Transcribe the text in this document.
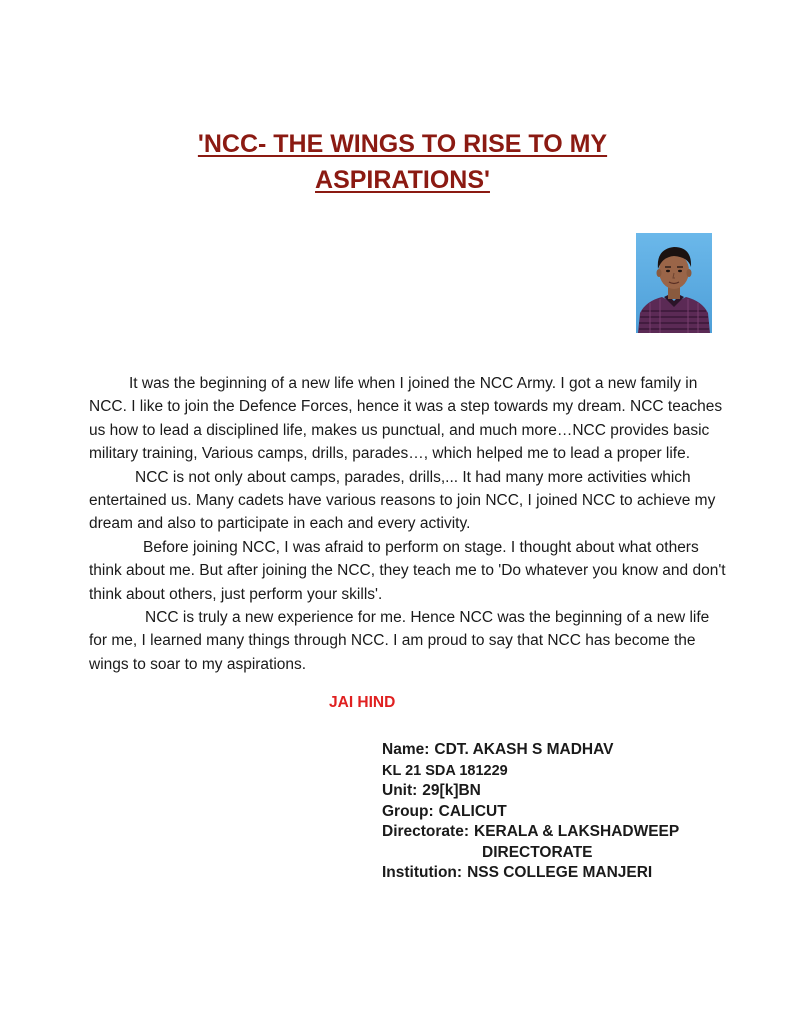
'NCC- THE WINGS TO RISE TO MY
ASPIRATIONS'

It was the beginning of a new life when I joined the NCC Army. I got a new family in NCC. I like to join the Defence Forces, hence it was a step towards my dream. NCC teaches us how to lead a disciplined life, makes us punctual, and much more…NCC provides basic military training, Various camps, drills, parades…, which helped me to lead a proper life.

NCC is not only about camps, parades, drills,... It had many more activities which entertained us. Many cadets have various reasons to join NCC, I joined NCC to achieve my dream and also to participate in each and every activity.

Before joining NCC, I was afraid to perform on stage. I thought about what others think about me. But after joining the NCC, they teach me to 'Do whatever you know and don't think about others, just perform your skills'.

NCC is truly a new experience for me. Hence NCC was the beginning of a new life for me, I learned many things through NCC. I am proud to say that NCC has become the wings to soar to my aspirations.

JAI HIND
Name: CDT. AKASH S MADHAV
KL 21 SDA 181229
Unit: 29[k]BN
Group: CALICUT
Directorate: KERALA & LAKSHADWEEP
DIRECTORATE
Institution: NSS COLLEGE MANJERI
